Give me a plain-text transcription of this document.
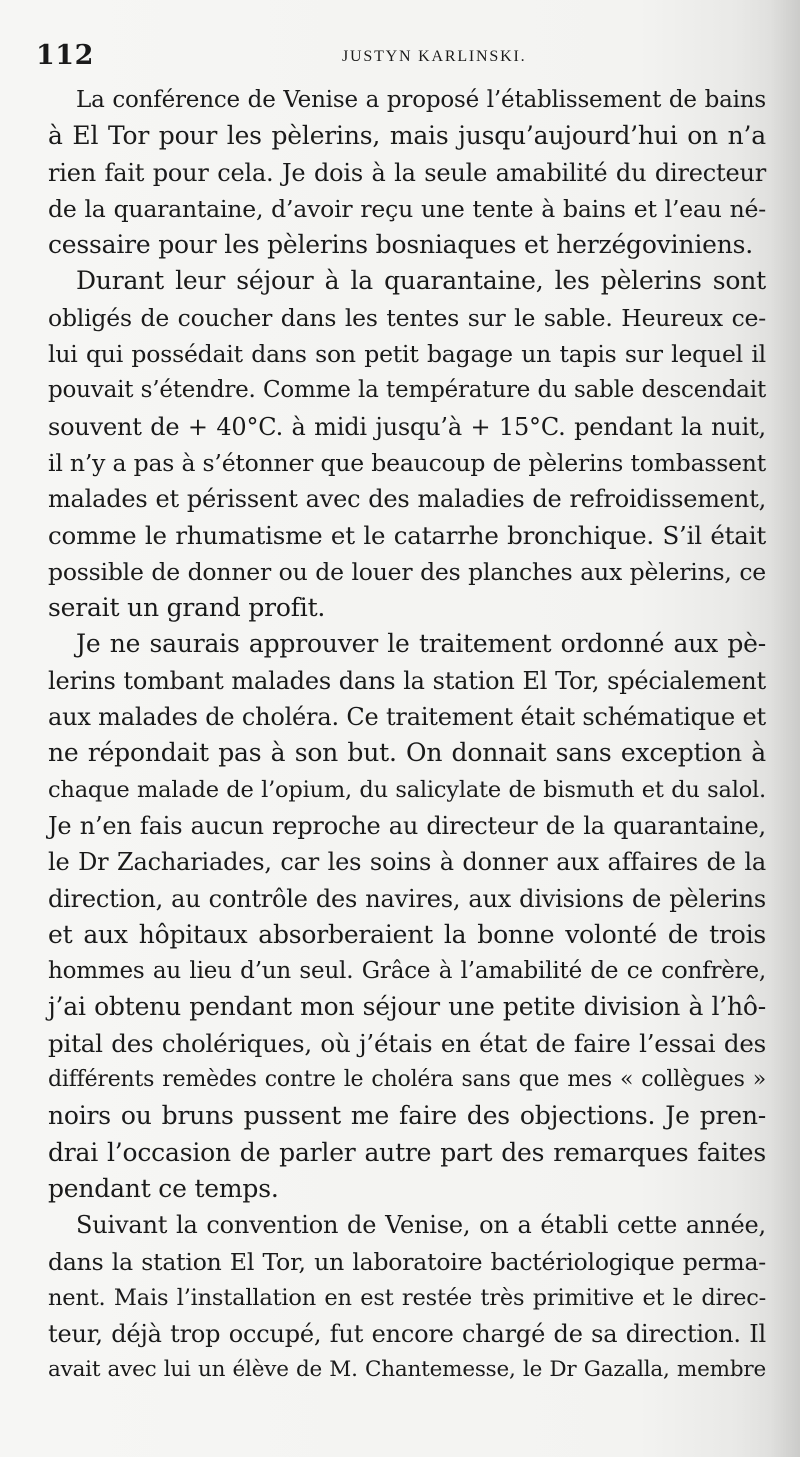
112	JUSTYN KARLINSKI.
La conférence de Venise a proposé l’établissement de bains
à El Tor pour les pèlerins, mais jusqu’aujourd’hui on n’a
rien fait pour cela. Je dois à la seule amabilité du directeur
de la quarantaine, d’avoir reçu une tente à bains et l’eau né-
cessaire pour les pèlerins bosniaques et herzégoviniens.
Durant leur séjour à la quarantaine, les pèlerins sont
obligés de coucher dans les tentes sur le sable. Heureux ce-
lui qui possédait dans son petit bagage un tapis sur lequel il
pouvait s’étendre. Comme la température du sable descendait
souvent de + 40°C. à midi jusqu’à + 15°C. pendant la nuit,
il n’y a pas à s’étonner que beaucoup de pèlerins tombassent
malades et périssent avec des maladies de refroidissement,
comme le rhumatisme et le catarrhe bronchique. S’il était
possible de donner ou de louer des planches aux pèlerins, ce
serait un grand profit.
Je ne saurais approuver le traitement ordonné aux pè-
lerins tombant malades dans la station El Tor, spécialement
aux malades de choléra. Ce traitement était schématique et
ne répondait pas à son but. On donnait sans exception à
chaque malade de l’opium, du salicylate de bismuth et du salol.
Je n’en fais aucun reproche au directeur de la quarantaine,
le Dr Zachariades, car les soins à donner aux affaires de la
direction, au contrôle des navires, aux divisions de pèlerins
et aux hôpitaux absorberaient la bonne volonté de trois
hommes au lieu d’un seul. Grâce à l’amabilité de ce confrère,
j’ai obtenu pendant mon séjour une petite division à l’hô-
pital des cholériques, où j’étais en état de faire l’essai des
différents remèdes contre le choléra sans que mes « collègues »
noirs ou bruns pussent me faire des objections. Je pren-
drai l’occasion de parler autre part des remarques faites
pendant ce temps.
Suivant la convention de Venise, on a établi cette année,
dans la station El Tor, un laboratoire bactériologique perma-
nent. Mais l’installation en est restée très primitive et le direc-
teur, déjà trop occupé, fut encore chargé de sa direction. Il
avait avec lui un élève de M. Chantemesse, le Dr Gazalla, membre
